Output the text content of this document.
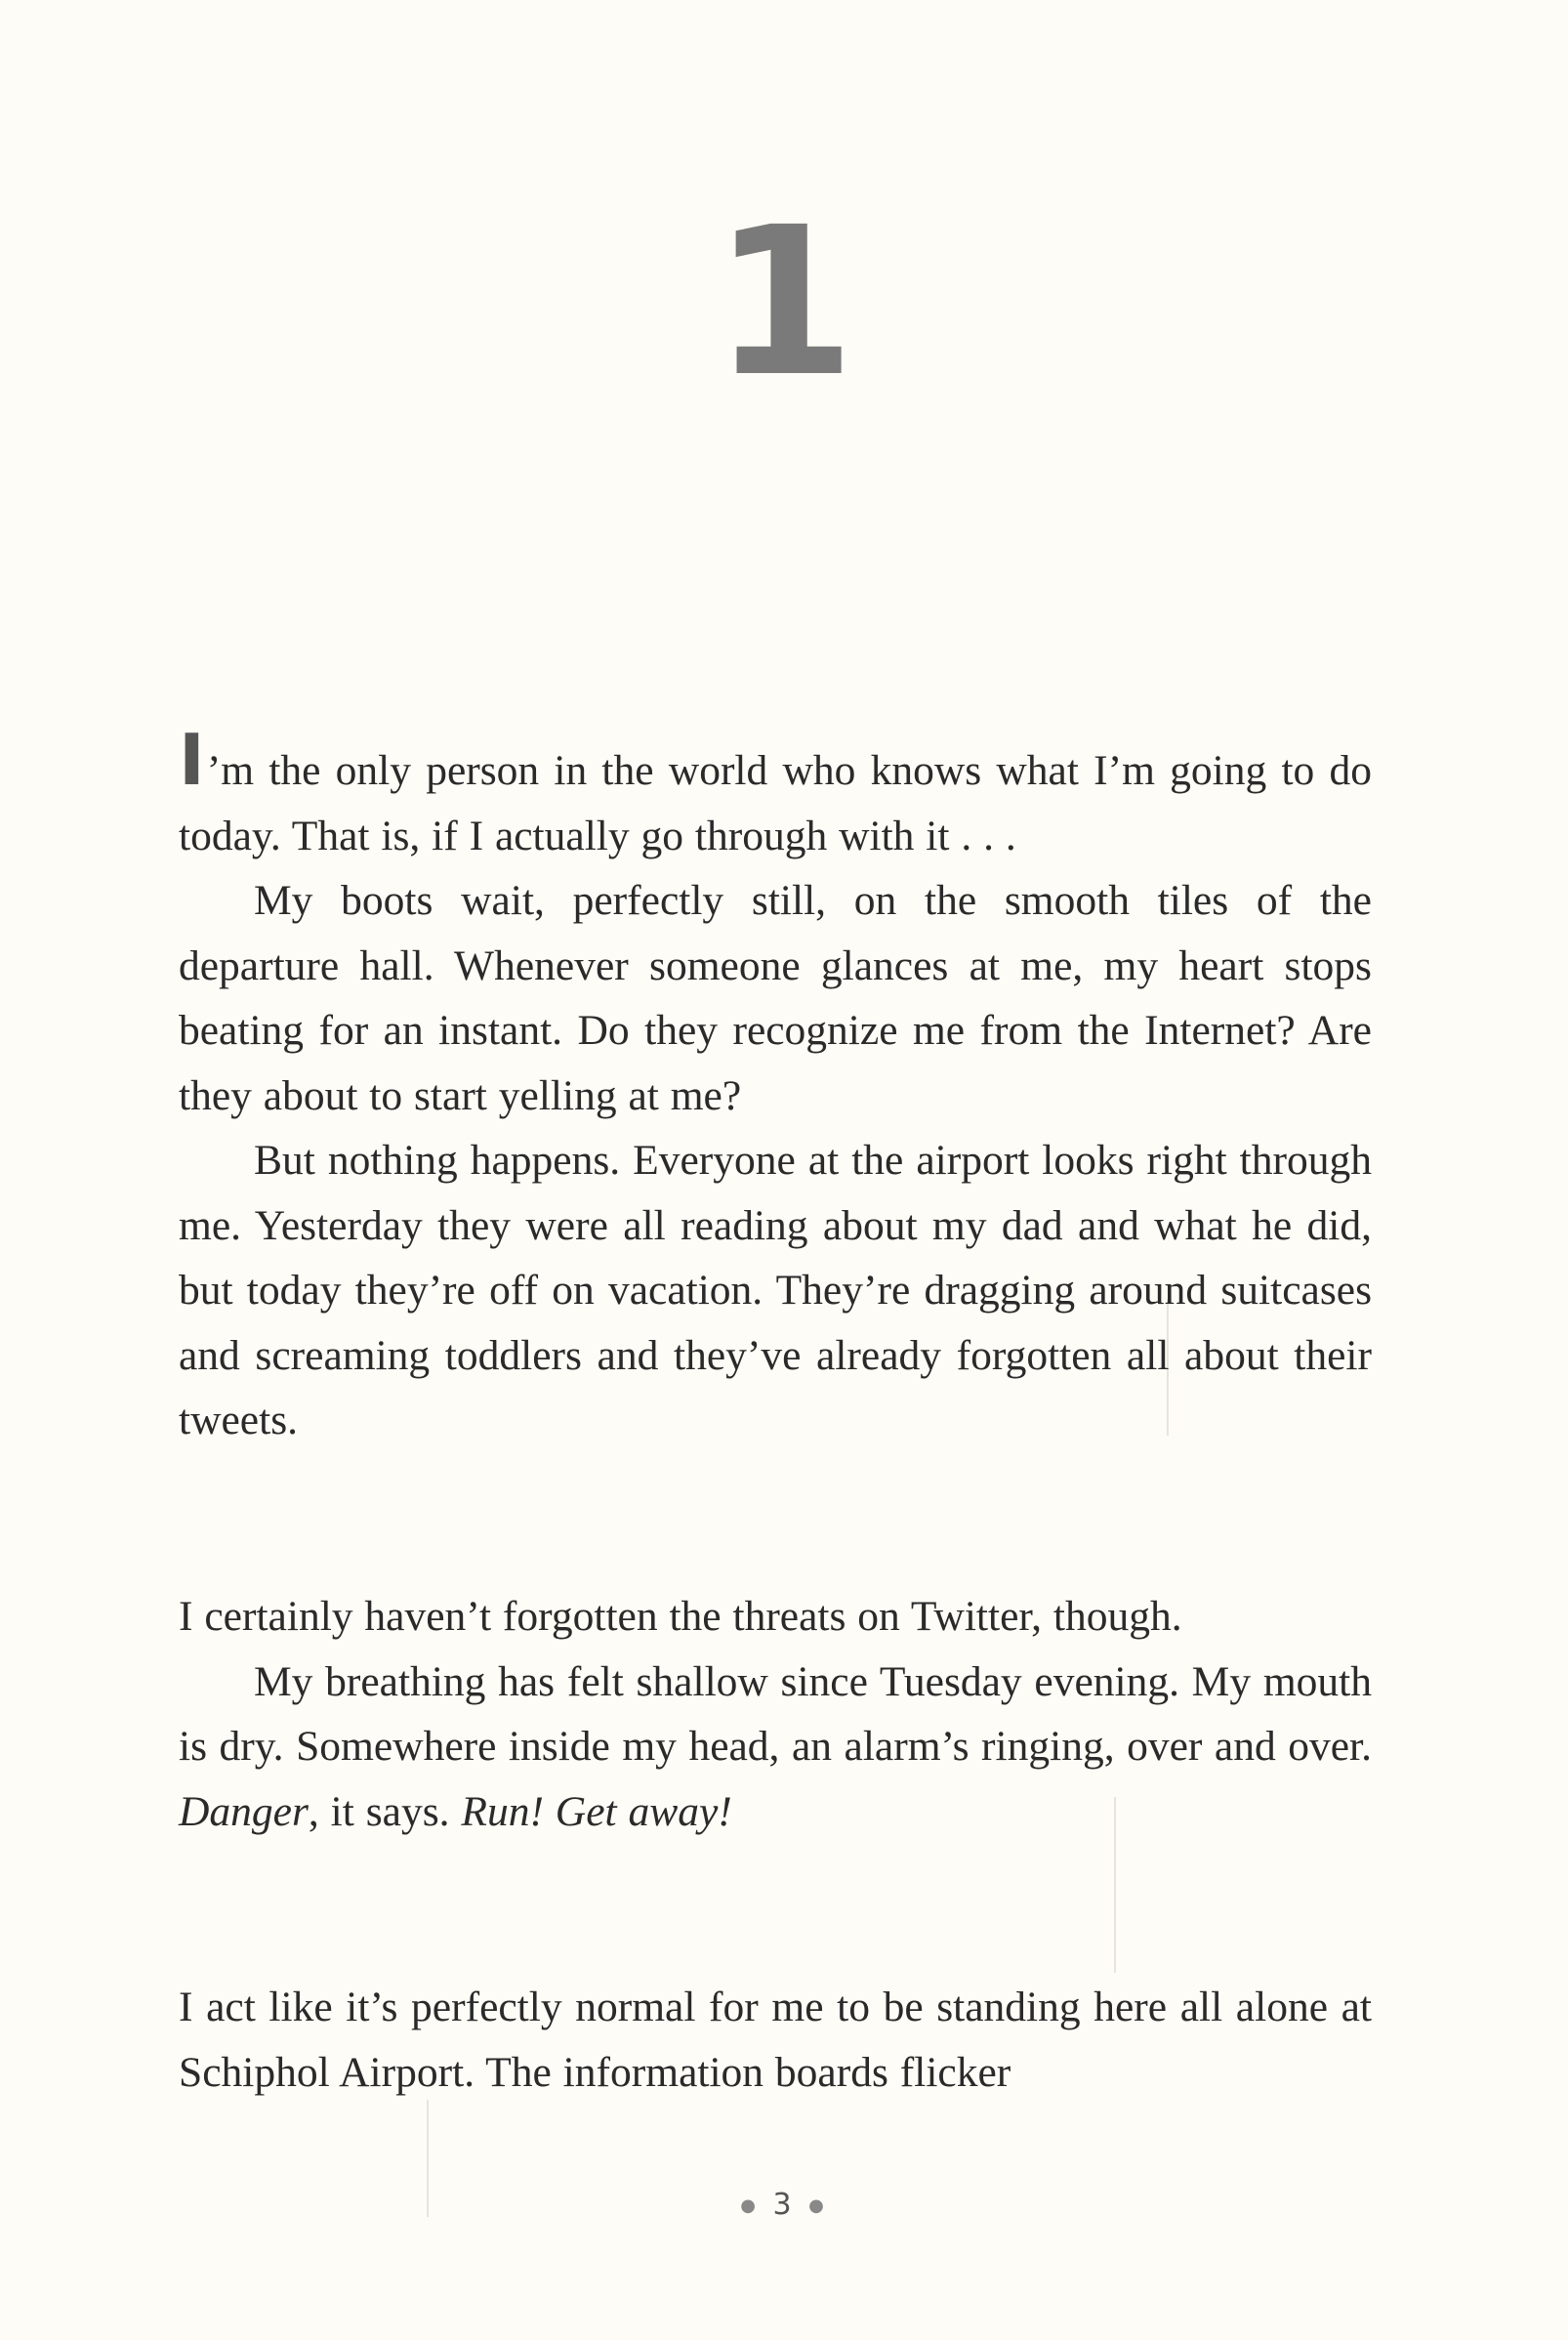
1

I’m the only person in the world who knows what I’m going to do today. That is, if I actually go through with it . . .

My boots wait, perfectly still, on the smooth tiles of the departure hall. Whenever someone glances at me, my heart stops beating for an instant. Do they recognize me from the Internet? Are they about to start yelling at me?

But nothing happens. Everyone at the airport looks right through me. Yesterday they were all reading about my dad and what he did, but today they’re off on vacation. They’re dragging around suitcases and screaming toddlers and they’ve already forgotten all about their tweets.

I certainly haven’t forgotten the threats on Twitter, though.

My breathing has felt shallow since Tuesday evening. My mouth is dry. Somewhere inside my head, an alarm’s ringing, over and over. Danger, it says. Run! Get away!

I act like it’s perfectly normal for me to be standing here all alone at Schiphol Airport. The information boards flicker

● 3 ●
